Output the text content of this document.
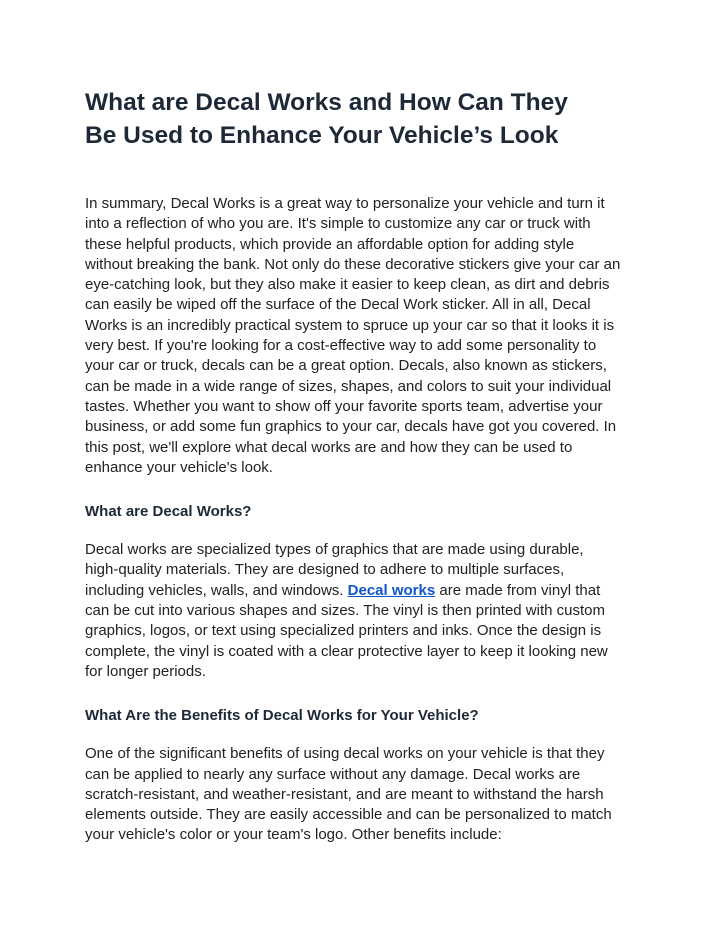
What are Decal Works and How Can They
Be Used to Enhance Your Vehicle’s Look

In summary, Decal Works is a great way to personalize your vehicle and turn it
into a reflection of who you are. It's simple to customize any car or truck with
these helpful products, which provide an affordable option for adding style
without breaking the bank. Not only do these decorative stickers give your car an
eye-catching look, but they also make it easier to keep clean, as dirt and debris
can easily be wiped off the surface of the Decal Work sticker. All in all, Decal
Works is an incredibly practical system to spruce up your car so that it looks it is
very best. If you're looking for a cost-effective way to add some personality to
your car or truck, decals can be a great option. Decals, also known as stickers,
can be made in a wide range of sizes, shapes, and colors to suit your individual
tastes. Whether you want to show off your favorite sports team, advertise your
business, or add some fun graphics to your car, decals have got you covered. In
this post, we'll explore what decal works are and how they can be used to
enhance your vehicle's look.

What are Decal Works?

Decal works are specialized types of graphics that are made using durable,
high-quality materials. They are designed to adhere to multiple surfaces,
including vehicles, walls, and windows. Decal works are made from vinyl that
can be cut into various shapes and sizes. The vinyl is then printed with custom
graphics, logos, or text using specialized printers and inks. Once the design is
complete, the vinyl is coated with a clear protective layer to keep it looking new
for longer periods.

What Are the Benefits of Decal Works for Your Vehicle?

One of the significant benefits of using decal works on your vehicle is that they
can be applied to nearly any surface without any damage. Decal works are
scratch-resistant, and weather-resistant, and are meant to withstand the harsh
elements outside. They are easily accessible and can be personalized to match
your vehicle's color or your team's logo. Other benefits include:
